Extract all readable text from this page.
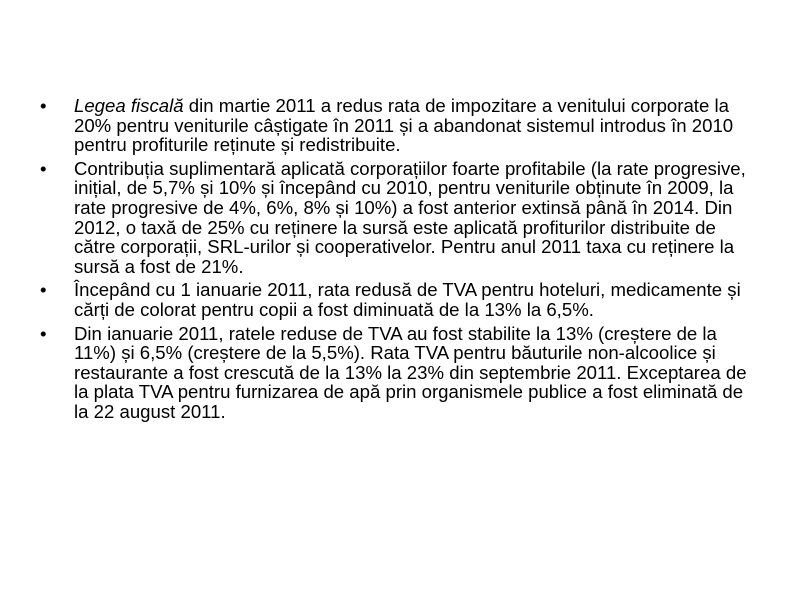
•	Legea fiscală din martie 2011 a redus rata de impozitare a venitului corporate la 20% pentru veniturile câștigate în 2011 și a abandonat sistemul introdus în 2010 pentru profiturile reținute și redistribuite.
•	Contribuția suplimentară aplicată corporațiilor foarte profitabile (la rate progresive, inițial, de 5,7% și 10% și începând cu 2010, pentru veniturile obținute în 2009, la rate progresive de 4%, 6%, 8% și 10%) a fost anterior extinsă până în 2014. Din 2012, o taxă de 25% cu reținere la sursă este aplicată profiturilor distribuite de către corporații, SRL-urilor și cooperativelor. Pentru anul 2011 taxa cu reținere la sursă a fost de 21%.
•	Începând cu 1 ianuarie 2011, rata redusă de TVA pentru hoteluri, medicamente și cărți de colorat pentru copii a fost diminuată de la 13% la 6,5%.
•	Din ianuarie 2011, ratele reduse de TVA au fost stabilite la 13% (creștere de la 11%) și 6,5% (creștere de la 5,5%). Rata TVA pentru băuturile non-alcoolice și restaurante a fost crescută de la 13% la 23% din septembrie 2011. Exceptarea de la plata TVA pentru furnizarea de apă prin organismele publice a fost eliminată de la 22 august 2011.
